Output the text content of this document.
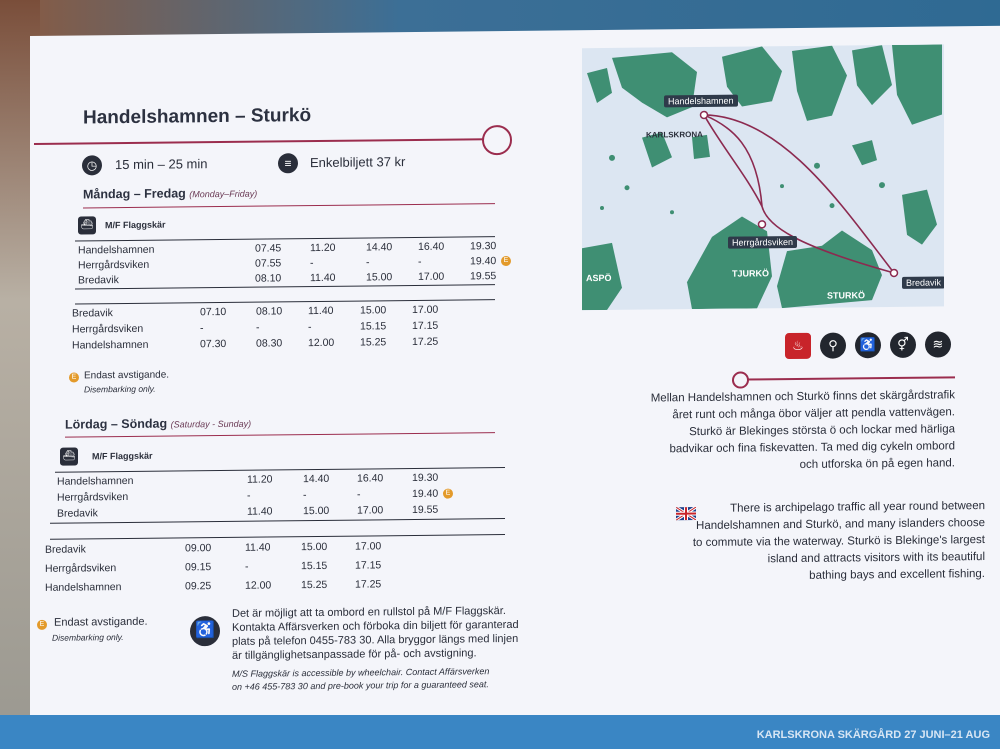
Handelshamnen – Sturkö
◷	15 min – 25 min	≡	Enkelbiljett 37 kr
Måndag – Fredag (Monday–Friday)
⛴ M/F Flaggskär
Handelshamnen	07.45	11.20	14.40 16.40 19.30
Herrgårdsviken	07.55	-	-	-	19.40	E
Bredavik	08.10	11.40	15.00 17.00 19.55
Bredavik	07.10	08.10 11.40	15.00 17.00
Herrgårdsviken	-	-	-	15.15 17.15
Handelshamnen	07.30	08.30 12.00 15.25 17.25
E Endast avstigande.
Disembarking only.
Lördag – Söndag (Saturday - Sunday)
⛴ M/F Flaggskär
Handelshamnen	11.20	14.40	16.40	19.30
Herrgårdsviken	-	-	-	19.40	E
Bredavik	11.40	15.00	17.00	19.55
Bredavik	09.00	11.40	15.00	17.00
Herrgårdsviken	09.15	-	15.15	17.15
Handelshamnen	09.25	12.00	15.25	17.25
E Endast avstigande.
Disembarking only.	♿
Det är möjligt att ta ombord en rullstol på M/F Flaggskär.
Kontakta Affärsverken och förboka din biljett för garanterad
plats på telefon 0455-783 30. Alla bryggor längs med linjen
är tillgänglighetsanpassade för på- och avstigning.
M/S Flaggskär is accessible by wheelchair. Contact Affärsverken
on +46 455-783 30 and pre-book your trip for a guaranteed seat.
Handelshamnen
KARLSKRONA
Herrgårdsviken
ASPÖ	TJURKÖ
STURKÖ
Bredavik
♨	⚲	♿	⚥	≋
Mellan Handelshamnen och Sturkö finns det skärgårdstrafik
året runt och många öbor väljer att pendla vattenvägen.
Sturkö är Blekinges största ö och lockar med härliga
badvikar och fina fiskevatten. Ta med dig cykeln ombord
och utforska ön på egen hand.
There is archipelago traffic all year round between
Handelshamnen and Sturkö, and many islanders choose
to commute via the waterway. Sturkö is Blekinge's largest
island and attracts visitors with its beautiful
bathing bays and excellent fishing.
KARLSKRONA SKÄRGÅRD 27 JUNI–21 AUG
